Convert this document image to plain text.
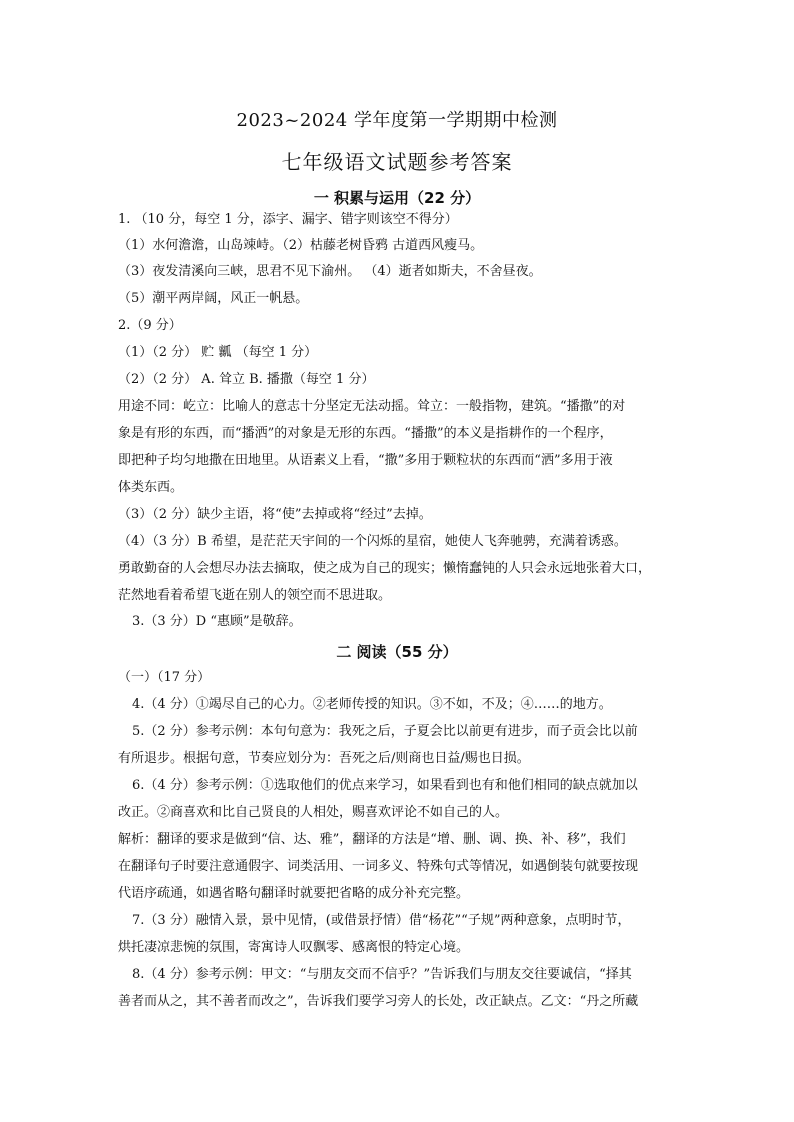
2023~2024 学年度第一学期期中检测
七年级语文试题参考答案
一 积累与运用（22 分）
1. （10 分，每空 1 分，添字、漏字、错字则该空不得分）
（1）水何澹澹，山岛竦峙。（2）枯藤老树昏鸦 古道西风瘦马。
（3）夜发清溪向三峡，思君不见下渝州。 （4）逝者如斯夫，不舍昼夜。
（5）潮平两岸阔，风正一帆悬。
2.（9 分）
（1）（2 分） 贮 瓤 （每空 1 分）
（2）（2 分） A. 耸立 B. 播撒（每空 1 分）
用途不同：屹立：比喻人的意志十分坚定无法动摇。耸立：一般指物，建筑。“播撒”的对
象是有形的东西，而“播洒”的对象是无形的东西。“播撒”的本义是指耕作的一个程序，
即把种子均匀地撒在田地里。从语素义上看，“撒”多用于颗粒状的东西而“洒”多用于液
体类东西。
（3）（2 分）缺少主语，将“使”去掉或将“经过”去掉。
（4）（3 分）B 希望，是茫茫天宇间的一个闪烁的星宿，她使人飞奔驰骋，充满着诱惑。
勇敢勤奋的人会想尽办法去摘取，使之成为自己的现实；懒惰蠢钝的人只会永远地张着大口，
茫然地看着希望飞逝在别人的领空而不思进取。
3.（3 分）D “惠顾”是敬辞。
二 阅读（55 分）
（一）（17 分）
4.（4 分）①竭尽自己的心力。②老师传授的知识。③不如，不及；④……的地方。
5.（2 分）参考示例：本句句意为：我死之后，子夏会比以前更有进步，而子贡会比以前
有所退步。根据句意，节奏应划分为：吾死之后/则商也日益/赐也日损。
6.（4 分）参考示例：①选取他们的优点来学习，如果看到也有和他们相同的缺点就加以
改正。②商喜欢和比自己贤良的人相处，赐喜欢评论不如自己的人。
解析：翻译的要求是做到“信、达、雅”，翻译的方法是“增、删、调、换、补、移”，我们
在翻译句子时要注意通假字、词类活用、一词多义、特殊句式等情况，如遇倒装句就要按现
代语序疏通，如遇省略句翻译时就要把省略的成分补充完整。
7.（3 分）融情入景，景中见情，(或借景抒情）借“杨花”“子规”两种意象，点明时节，
烘托凄凉悲惋的氛围，寄寓诗人叹飘零、感离恨的特定心境。
8.（4 分）参考示例：甲文：“与朋友交而不信乎？”告诉我们与朋友交往要诚信，“择其
善者而从之，其不善者而改之”，告诉我们要学习旁人的长处，改正缺点。乙文：“丹之所藏
